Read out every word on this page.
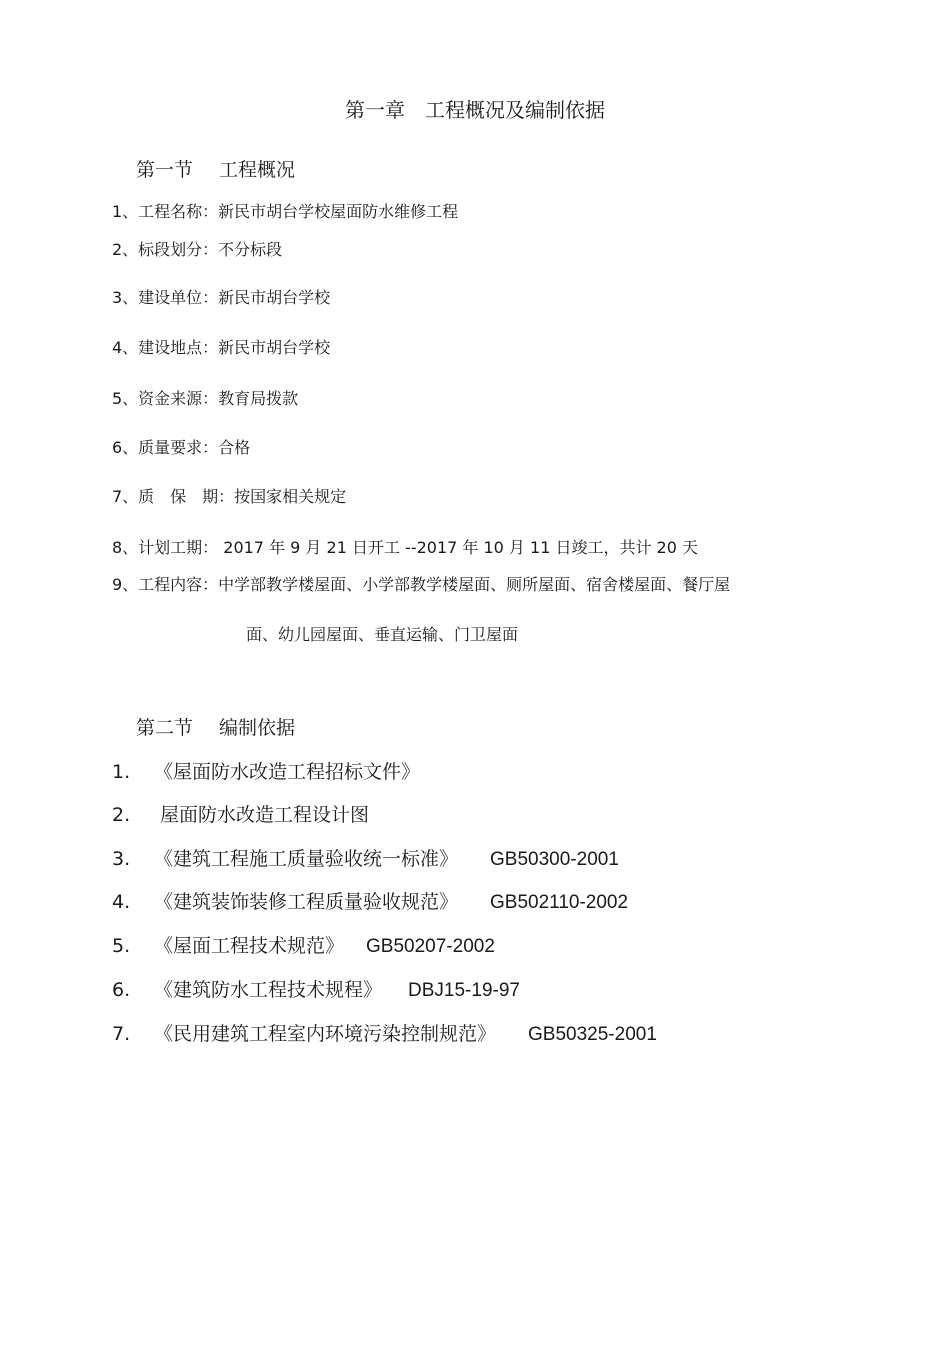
第一章　工程概况及编制依据
第一节 工程概况
1、工程名称：新民市胡台学校屋面防水维修工程
2、标段划分：不分标段
3、建设单位：新民市胡台学校
4、建设地点：新民市胡台学校
5、资金来源：教育局拨款
6、质量要求：合格
7、质　保　期：按国家相关规定
8、计划工期： 2017 年 9 月 21 日开工 --2017 年 10 月 11 日竣工，共计 20 天
9、工程内容：中学部教学楼屋面、小学部教学楼屋面、厕所屋面、宿舍楼屋面、餐厅屋
面、幼儿园屋面、垂直运输、门卫屋面
第二节 编制依据
1. 《屋面防水改造工程招标文件》
2. 屋面防水改造工程设计图
3. 《建筑工程施工质量验收统一标准》 GB50300-2001
4. 《建筑装饰装修工程质量验收规范》 GB502110-2002
5. 《屋面工程技术规范》 GB50207-2002
6. 《建筑防水工程技术规程》 DBJ15-19-97
7. 《民用建筑工程室内环境污染控制规范》 GB50325-2001
